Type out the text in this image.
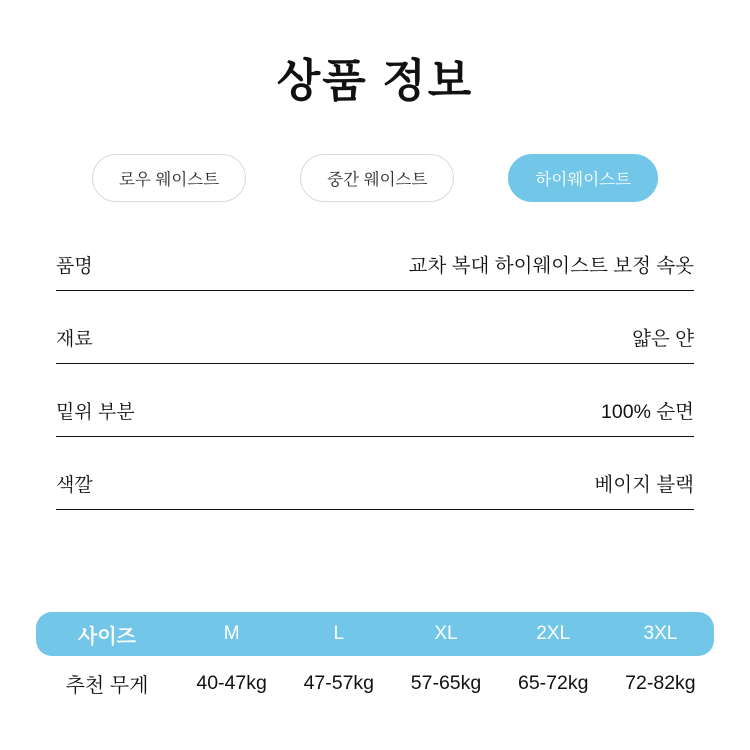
상품 정보
로우 웨이스트	중간 웨이스트	하이웨이스트
품명	교차 복대 하이웨이스트 보정 속옷
재료	얇은 얀
밑위 부분	100% 순면
색깔	베이지 블랙
사이즈	M	L	XL	2XL	3XL
추천 무게	40-47kg	47-57kg	57-65kg	65-72kg	72-82kg
